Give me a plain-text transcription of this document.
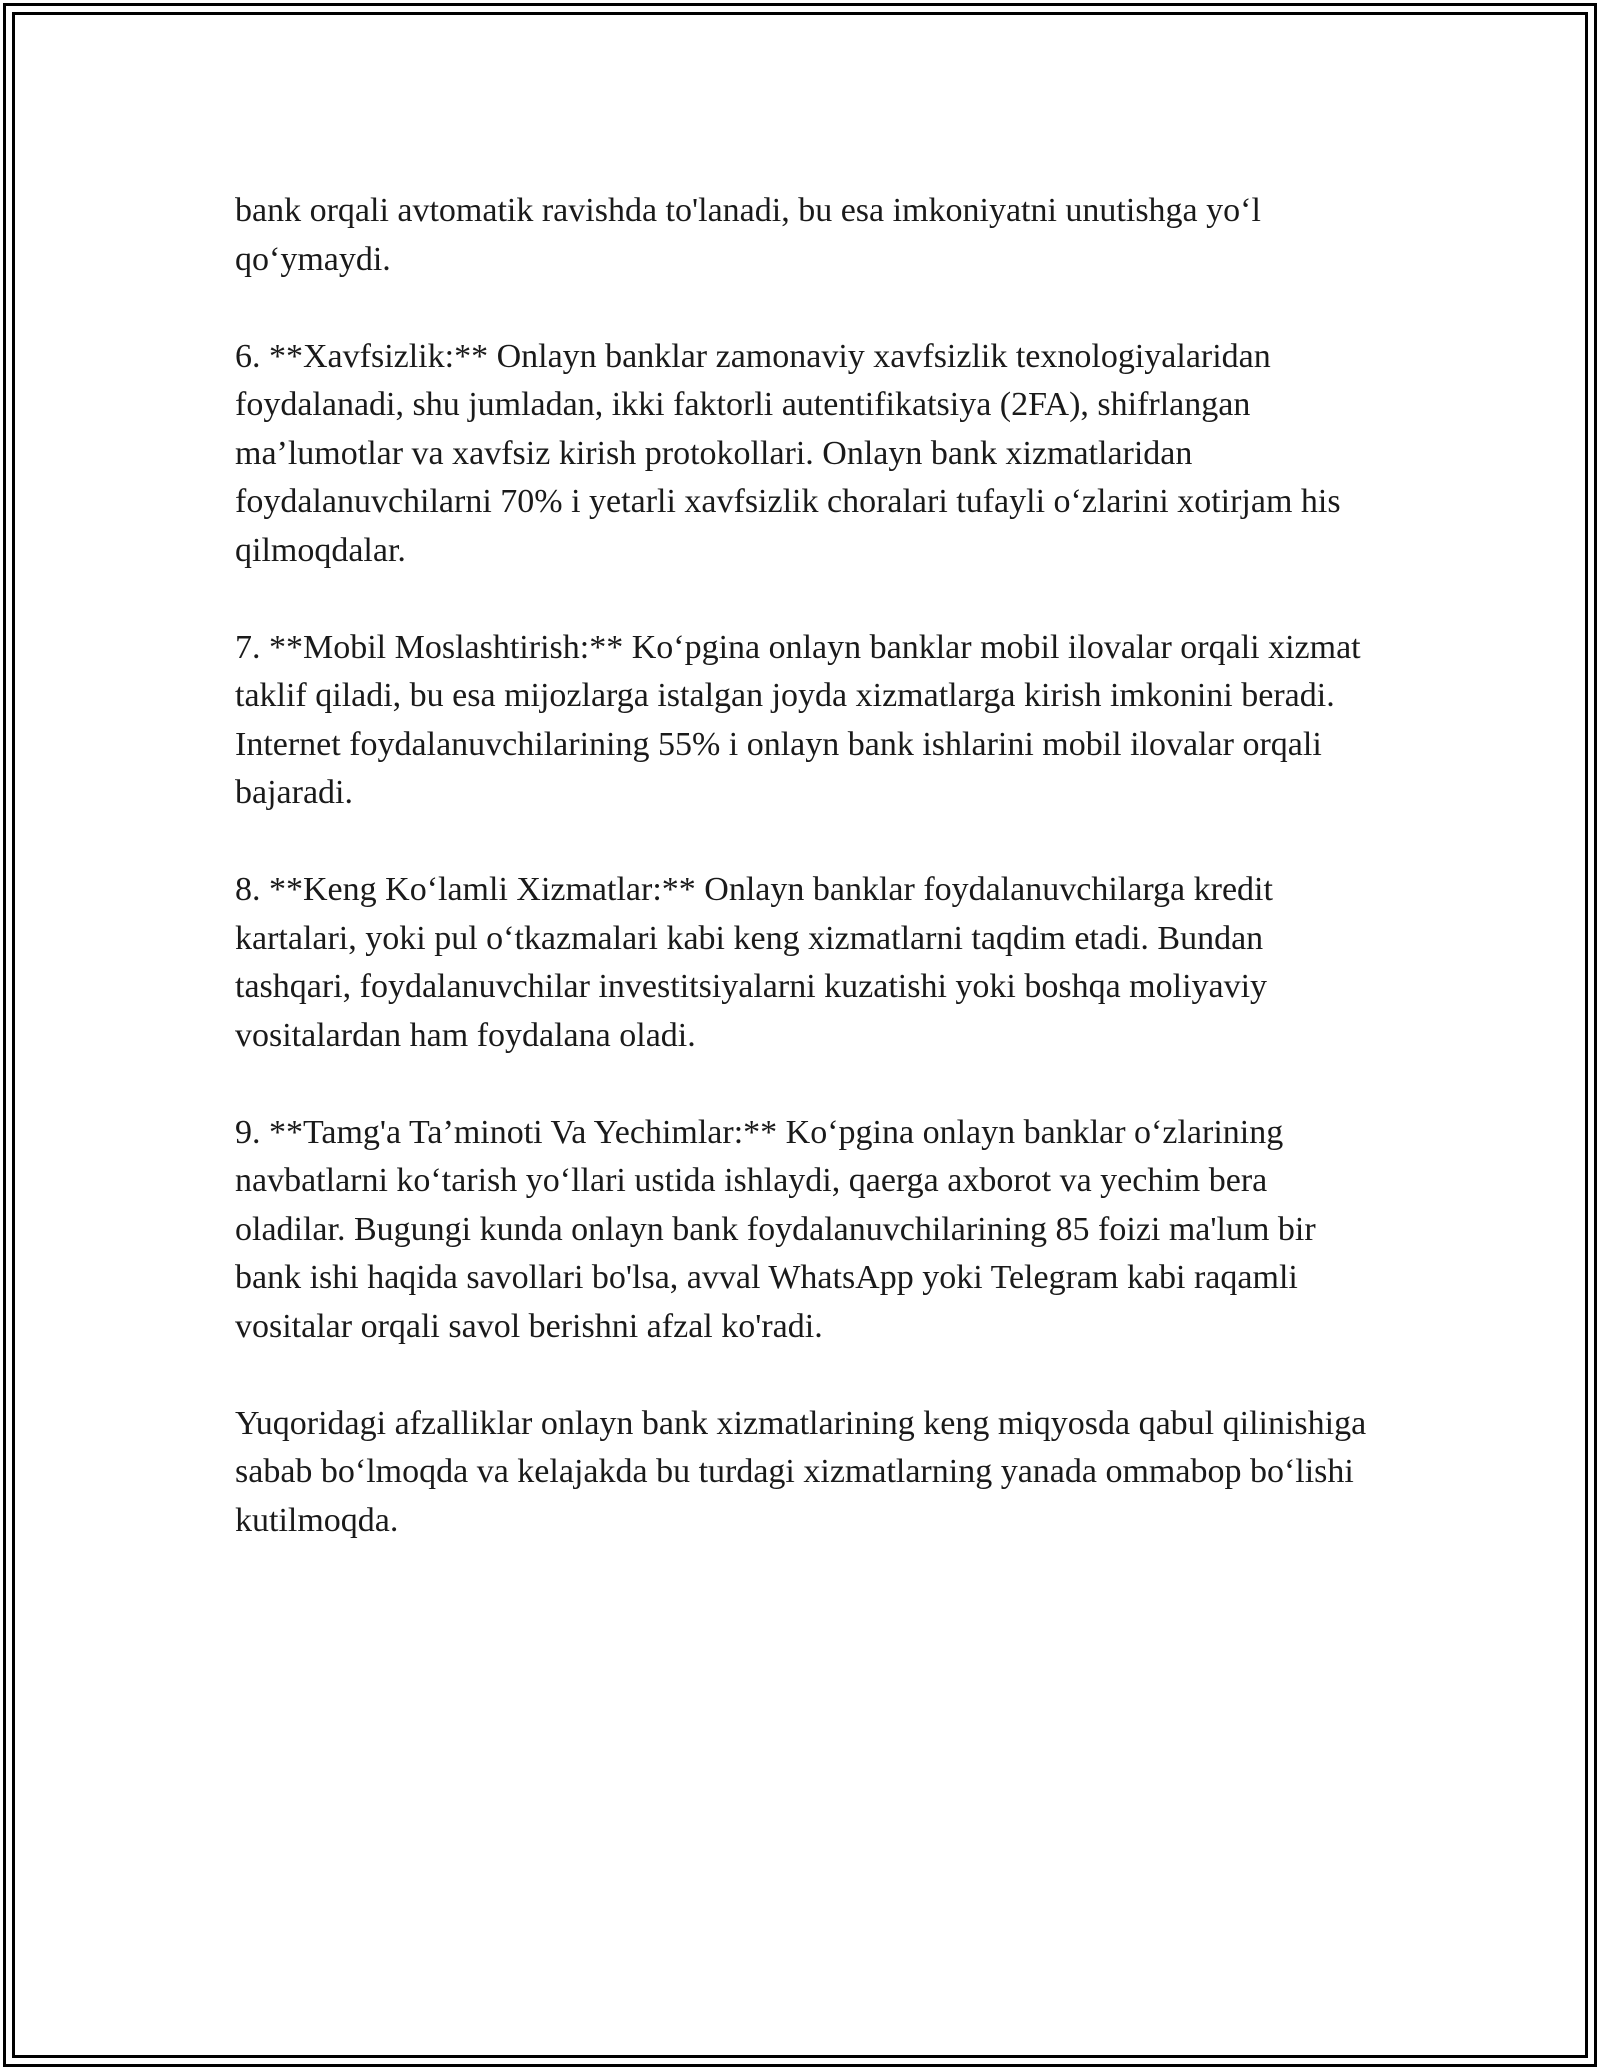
bank orqali avtomatik ravishda to'lanadi, bu esa imkoniyatni unutishga yo‘l qo‘ymaydi.

6. **Xavfsizlik:** Onlayn banklar zamonaviy xavfsizlik texnologiyalaridan foydalanadi, shu jumladan, ikki faktorli autentifikatsiya (2FA), shifrlangan ma’lumotlar va xavfsiz kirish protokollari. Onlayn bank xizmatlaridan foydalanuvchilarni 70% i yetarli xavfsizlik choralari tufayli o‘zlarini xotirjam his qilmoqdalar.

7. **Mobil Moslashtirish:** Ko‘pgina onlayn banklar mobil ilovalar orqali xizmat taklif qiladi, bu esa mijozlarga istalgan joyda xizmatlarga kirish imkonini beradi. Internet foydalanuvchilarining 55% i onlayn bank ishlarini mobil ilovalar orqali bajaradi.

8. **Keng Ko‘lamli Xizmatlar:** Onlayn banklar foydalanuvchilarga kredit kartalari, yoki pul o‘tkazmalari kabi keng xizmatlarni taqdim etadi. Bundan tashqari, foydalanuvchilar investitsiyalarni kuzatishi yoki boshqa moliyaviy vositalardan ham foydalana oladi.

9. **Tamg'a Ta’minoti Va Yechimlar:** Ko‘pgina onlayn banklar o‘zlarining navbatlarni ko‘tarish yo‘llari ustida ishlaydi, qaerga axborot va yechim bera oladilar. Bugungi kunda onlayn bank foydalanuvchilarining 85 foizi ma'lum bir bank ishi haqida savollari bo'lsa, avval WhatsApp yoki Telegram kabi raqamli vositalar orqali savol berishni afzal ko'radi.

Yuqoridagi afzalliklar onlayn bank xizmatlarining keng miqyosda qabul qilinishiga sabab bo‘lmoqda va kelajakda bu turdagi xizmatlarning yanada ommabop bo‘lishi kutilmoqda.
